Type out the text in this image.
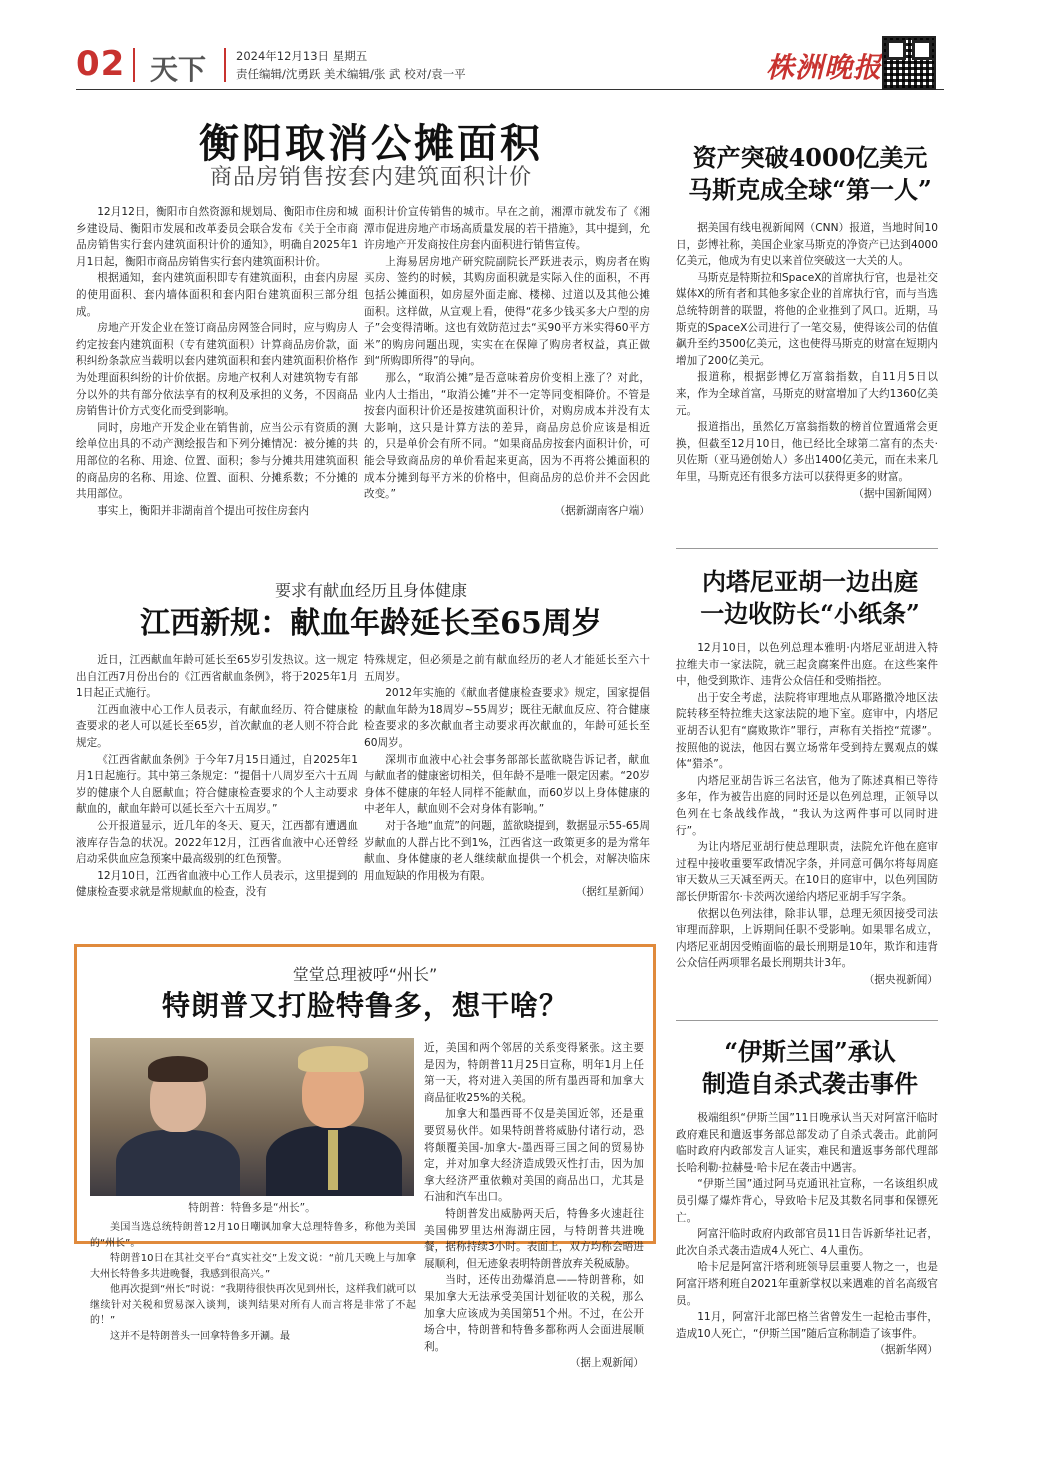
02 天下	2024年12月13日 星期五
责任编辑/沈勇跃 美术编辑/张 武 校对/袁一平	株洲晚报
衡阳取消公摊面积
商品房销售按套内建筑面积计价

12月12日，衡阳市自然资源和规划局、衡阳市住房和城乡建设局、衡阳市发展和改革委员会联合发布《关于全市商品房销售实行套内建筑面积计价的通知》，明确自2025年1月1日起，衡阳市商品房销售实行套内建筑面积计价。

根据通知，套内建筑面积即专有建筑面积，由套内房屋的使用面积、套内墙体面积和套内阳台建筑面积三部分组成。

房地产开发企业在签订商品房网签合同时，应与购房人约定按套内建筑面积（专有建筑面积）计算商品房价款，面积纠纷条款应当载明以套内建筑面积和套内建筑面积价格作为处理面积纠纷的计价依据。房地产权利人对建筑物专有部分以外的共有部分依法享有的权利及承担的义务，不因商品房销售计价方式变化而受到影响。

同时，房地产开发企业在销售前，应当公示有资质的测绘单位出具的不动产测绘报告和下列分摊情况：被分摊的共用部位的名称、用途、位置、面积；参与分摊共用建筑面积的商品房的名称、用途、位置、面积、分摊系数；不分摊的共用部位。

事实上，衡阳并非湖南首个提出可按住房套内

面积计价宣传销售的城市。早在之前，湘潭市就发布了《湘潭市促进房地产市场高质量发展的若干措施》，其中提到，允许房地产开发商按住房套内面积进行销售宣传。

上海易居房地产研究院副院长严跃进表示，购房者在购买房、签约的时候，其购房面积就是实际入住的面积，不再包括公摊面积，如房屋外面走廊、楼梯、过道以及其他公摊面积。这样做，从宣观上看，使得“花多少钱买多大户型的房子”会变得清晰。这也有效防范过去“买90平方米实得60平方米”的购房问题出现，实实在在保障了购房者权益，真正做到“所购即所得”的导向。

那么，“取消公摊”是否意味着房价变相上涨了？对此，业内人士指出，“取消公摊”并不一定等同变相降价。不管是按套内面积计价还是按建筑面积计价，对购房成本并没有太大影响，这只是计算方法的差异，商品房总价应该是相近的，只是单价会有所不同。“如果商品房按套内面积计价，可能会导致商品房的单价看起来更高，因为不再将公摊面积的成本分摊到每平方米的价格中，但商品房的总价并不会因此改变。”

（据新湖南客户端）
要求有献血经历且身体健康
江西新规：献血年龄延长至65周岁

近日，江西献血年龄可延长至65岁引发热议。这一规定出自江西7月份出台的《江西省献血条例》，将于2025年1月1日起正式施行。

江西血液中心工作人员表示，有献血经历、符合健康检查要求的老人可以延长至65岁，首次献血的老人则不符合此规定。

《江西省献血条例》于今年7月15日通过，自2025年1月1日起施行。其中第三条规定：“提倡十八周岁至六十五周岁的健康个人自愿献血；符合健康检查要求的个人主动要求献血的，献血年龄可以延长至六十五周岁。”

公开报道显示，近几年的冬天、夏天，江西都有遭遇血液库存告急的状况。2022年12月，江西省血液中心还曾经启动采供血应急预案中最高级别的红色预警。

12月10日，江西省血液中心工作人员表示，这里提到的健康检查要求就是常规献血的检查，没有

特殊规定，但必须是之前有献血经历的老人才能延长至六十五周岁。

2012年实施的《献血者健康检查要求》规定，国家提倡的献血年龄为18周岁~55周岁；既往无献血反应、符合健康检查要求的多次献血者主动要求再次献血的，年龄可延长至60周岁。

深圳市血液中心社会事务部部长蓝欲晓告诉记者，献血与献血者的健康密切相关，但年龄不是唯一限定因素。“20岁身体不健康的年轻人同样不能献血，而60岁以上身体健康的中老年人，献血则不会对身体有影响。”

对于各地“血荒”的问题，蓝欲晓提到，数据显示55-65周岁献血的人群占比不到1%，江西省这一政策更多的是为常年献血、身体健康的老人继续献血提供一个机会，对解决临床用血短缺的作用极为有限。

（据红星新闻）
堂堂总理被呼“州长”
特朗普又打脸特鲁多，想干啥？
特朗普：特鲁多是“州长”。

近，美国和两个邻居的关系变得紧张。这主要是因为，特朗普11月25日宣称，明年1月上任第一天，将对进入美国的所有墨西哥和加拿大商品征收25%的关税。

加拿大和墨西哥不仅是美国近邻，还是重要贸易伙伴。如果特朗普将威胁付诸行动，恐将颠覆美国-加拿大-墨西哥三国之间的贸易协定，并对加拿大经济造成毁灭性打击，因为加拿大经济严重依赖对美国的商品出口，尤其是石油和汽车出口。

特朗普发出威胁两天后，特鲁多火速赶往美国佛罗里达州海湖庄园，与特朗普共进晚餐，据称持续3小时。表面上，双方均称会晤进展顺利，但无迹象表明特朗普放弃关税威胁。

当时，还传出劲爆消息——特朗普称，如果加拿大无法承受美国计划征收的关税，那么加拿大应该成为美国第51个州。不过，在公开场合中，特朗普和特鲁多都称两人会面进展顺利。

（据上观新闻）

美国当选总统特朗普12月10日嘲讽加拿大总理特鲁多，称他为美国的“州长”。

特朗普10日在其社交平台“真实社交”上发文说：“前几天晚上与加拿大州长特鲁多共进晚餐，我感到很高兴。”

他再次提到“州长”时说：“我期待很快再次见到州长，这样我们就可以继续针对关税和贸易深入谈判，谈判结果对所有人而言将是非常了不起的！”

这并不是特朗普头一回拿特鲁多开涮。最

资产突破4000亿美元
马斯克成全球“第一人”

据美国有线电视新闻网（CNN）报道，当地时间10日，彭博社称，美国企业家马斯克的净资产已达到4000亿美元，他成为有史以来首位突破这一大关的人。

马斯克是特斯拉和SpaceX的首席执行官，也是社交媒体X的所有者和其他多家企业的首席执行官，而与当选总统特朗普的联盟，将他的企业推到了风口。近期，马斯克的SpaceX公司进行了一笔交易，使得该公司的估值飙升至约3500亿美元，这也使得马斯克的财富在短期内增加了200亿美元。

报道称，根据彭博亿万富翁指数，自11月5日以来，作为全球首富，马斯克的财富增加了大约1360亿美元。

报道指出，虽然亿万富翁指数的榜首位置通常会更换，但截至12月10日，他已经比全球第二富有的杰夫·贝佐斯（亚马逊创始人）多出1400亿美元，而在未来几年里，马斯克还有很多方法可以获得更多的财富。

（据中国新闻网）
内塔尼亚胡一边出庭
一边收防长“小纸条”

12月10日，以色列总理本雅明·内塔尼亚胡进入特拉维夫市一家法院，就三起贪腐案件出庭。在这些案件中，他受到欺诈、违背公众信任和受贿指控。

出于安全考虑，法院将审理地点从耶路撒冷地区法院转移至特拉维夫这家法院的地下室。庭审中，内塔尼亚胡否认犯有“腐败欺诈”罪行，声称有关指控“荒谬”。按照他的说法，他因右翼立场常年受到持左翼观点的媒体“猎杀”。

内塔尼亚胡告诉三名法官，他为了陈述真相已等待多年，作为被告出庭的同时还是以色列总理，正领导以色列在七条战线作战，“我认为这两件事可以同时进行”。

为让内塔尼亚胡行使总理职责，法院允许他在庭审过程中接收重要军政情况字条，并同意可偶尔将每周庭审天数从三天减至两天。在10日的庭审中，以色列国防部长伊斯雷尔·卡茨两次递给内塔尼亚胡手写字条。

依据以色列法律，除非认罪，总理无须因接受司法审理而辞职，上诉期间任职不受影响。如果罪名成立，内塔尼亚胡因受贿面临的最长刑期是10年，欺诈和违背公众信任两项罪名最长刑期共计3年。

（据央视新闻）
“伊斯兰国”承认
制造自杀式袭击事件

极端组织“伊斯兰国”11日晚承认当天对阿富汗临时政府难民和遣返事务部总部发动了自杀式袭击。此前阿临时政府内政部发言人证实，难民和遣返事务部代理部长哈利勒·拉赫曼·哈卡尼在袭击中遇害。

“伊斯兰国”通过阿马克通讯社宣称，一名该组织成员引爆了爆炸背心，导致哈卡尼及其数名同事和保镖死亡。

阿富汗临时政府内政部官员11日告诉新华社记者，此次自杀式袭击造成4人死亡、4人重伤。

哈卡尼是阿富汗塔利班领导层重要人物之一，也是阿富汗塔利班自2021年重新掌权以来遇难的首名高级官员。

11月，阿富汗北部巴格兰省曾发生一起枪击事件，造成10人死亡，“伊斯兰国”随后宣称制造了该事件。

（据新华网）
